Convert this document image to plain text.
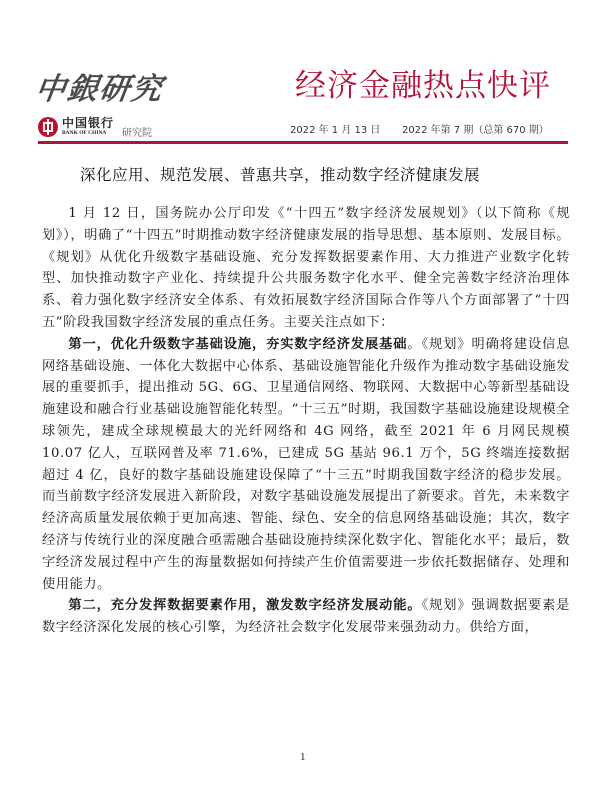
中銀研究	经济金融热点快评
中国银行
BANK OF CHINA	研究院	2022 年 1 月 13 日 2022 年第 7 期（总第 670 期）
深化应用、规范发展、普惠共享，推动数字经济健康发展

1 月 12 日，国务院办公厅印发《“十四五”数字经济发展规划》（以下简称《规划》），明确了“十四五”时期推动数字经济健康发展的指导思想、基本原则、发展目标。《规划》从优化升级数字基础设施、充分发挥数据要素作用、大力推进产业数字化转型、加快推动数字产业化、持续提升公共服务数字化水平、健全完善数字经济治理体系、着力强化数字经济安全体系、有效拓展数字经济国际合作等八个方面部署了“十四五”阶段我国数字经济发展的重点任务。主要关注点如下：

第一，优化升级数字基础设施，夯实数字经济发展基础。《规划》明确将建设信息网络基础设施、一体化大数据中心体系、基础设施智能化升级作为推动数字基础设施发展的重要抓手，提出推动 5G、6G、卫星通信网络、物联网、大数据中心等新型基础设施建设和融合行业基础设施智能化转型。“十三五”时期，我国数字基础设施建设规模全球领先，建成全球规模最大的光纤网络和 4G 网络，截至 2021 年 6 月网民规模 10.07 亿人，互联网普及率 71.6%，已建成 5G 基站 96.1 万个，5G 终端连接数据超过 4 亿，良好的数字基础设施建设保障了“十三五”时期我国数字经济的稳步发展。而当前数字经济发展进入新阶段，对数字基础设施发展提出了新要求。首先，未来数字经济高质量发展依赖于更加高速、智能、绿色、安全的信息网络基础设施；其次，数字经济与传统行业的深度融合亟需融合基础设施持续深化数字化、智能化水平；最后，数字经济发展过程中产生的海量数据如何持续产生价值需要进一步依托数据储存、处理和使用能力。

第二，充分发挥数据要素作用，激发数字经济发展动能。《规划》强调数据要素是数字经济深化发展的核心引擎，为经济社会数字化发展带来强劲动力。供给方面，

1
